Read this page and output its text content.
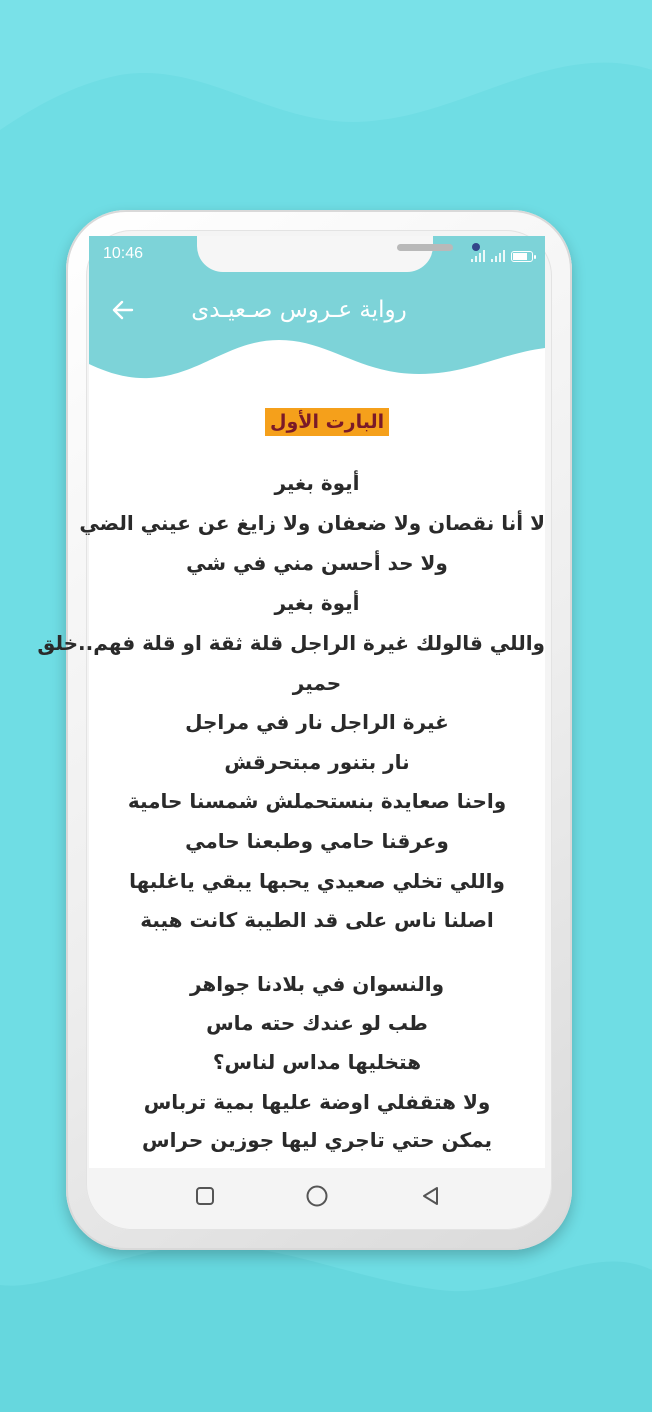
10:46
رواية عـروس صـعيـدى
البارت الأول
أيوة بغير
لا أنا نقصان ولا ضعفان ولا زايغ عن عيني الضي
ولا حد أحسن مني في شي
أيوة بغير
واللي قالولك غيرة الراجل قلة ثقة او قلة فهم..خلق
حمير
غيرة الراجل نار في مراجل
نار بتنور مبتحرقش
واحنا صعايدة بنستحملش شمسنا حامية
وعرقنا حامي وطبعنا حامي
واللي تخلي صعيدي يحبها يبقي ياغلبها
اصلنا ناس على قد الطيبة كانت هيبة
والنسوان في بلادنا جواهر
طب لو عندك حته ماس
هتخليها مداس لناس؟
ولا هتقفلي اوضة عليها بمية ترباس
يمكن حتي تاجري ليها جوزين حراس
